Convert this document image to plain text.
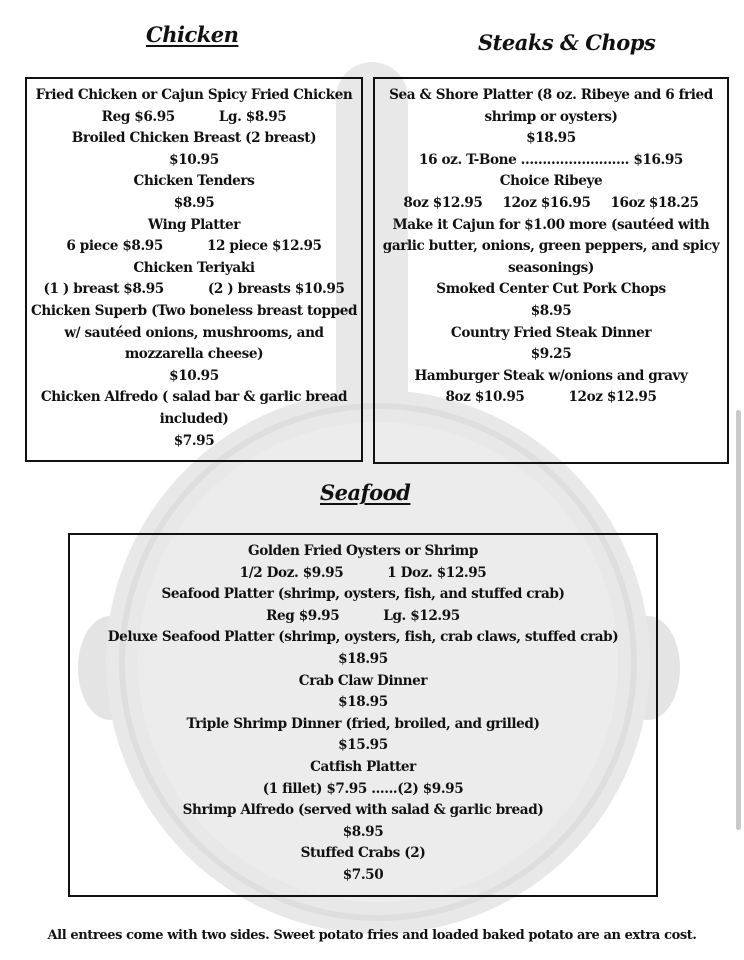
Chicken	Steaks & Chops
Seafood
Fried Chicken or Cajun Spicy Fried Chicken
Reg $6.95	Lg. $8.95
Broiled Chicken Breast (2 breast)
$10.95
Chicken Tenders
$8.95
Wing Platter
6 piece $8.95	12 piece $12.95
Chicken Teriyaki
(1 ) breast $8.95	(2 ) breasts $10.95
Chicken Superb (Two boneless breast topped
w/ sautéed onions, mushrooms, and
mozzarella cheese)
$10.95
Chicken Alfredo ( salad bar & garlic bread
included)
$7.95
Sea & Shore Platter (8 oz. Ribeye and 6 fried
shrimp or oysters)
$18.95
16 oz. T-Bone ......................... $16.95
Choice Ribeye
8oz $12.95 12oz $16.95 16oz $18.25
Make it Cajun for $1.00 more (sautéed with
garlic butter, onions, green peppers, and spicy
seasonings)
Smoked Center Cut Pork Chops
$8.95
Country Fried Steak Dinner
$9.25
Hamburger Steak w/onions and gravy
8oz $10.95	12oz $12.95
Golden Fried Oysters or Shrimp
1/2 Doz. $9.95	1 Doz. $12.95
Seafood Platter (shrimp, oysters, fish, and stuffed crab)
Reg $9.95	Lg. $12.95
Deluxe Seafood Platter (shrimp, oysters, fish, crab claws, stuffed crab)
$18.95
Crab Claw Dinner
$18.95
Triple Shrimp Dinner (fried, broiled, and grilled)
$15.95
Catfish Platter
(1 fillet) $7.95 ......(2) $9.95
Shrimp Alfredo (served with salad & garlic bread)
$8.95
Stuffed Crabs (2)
$7.50
All entrees come with two sides. Sweet potato fries and loaded baked potato are an extra cost.
